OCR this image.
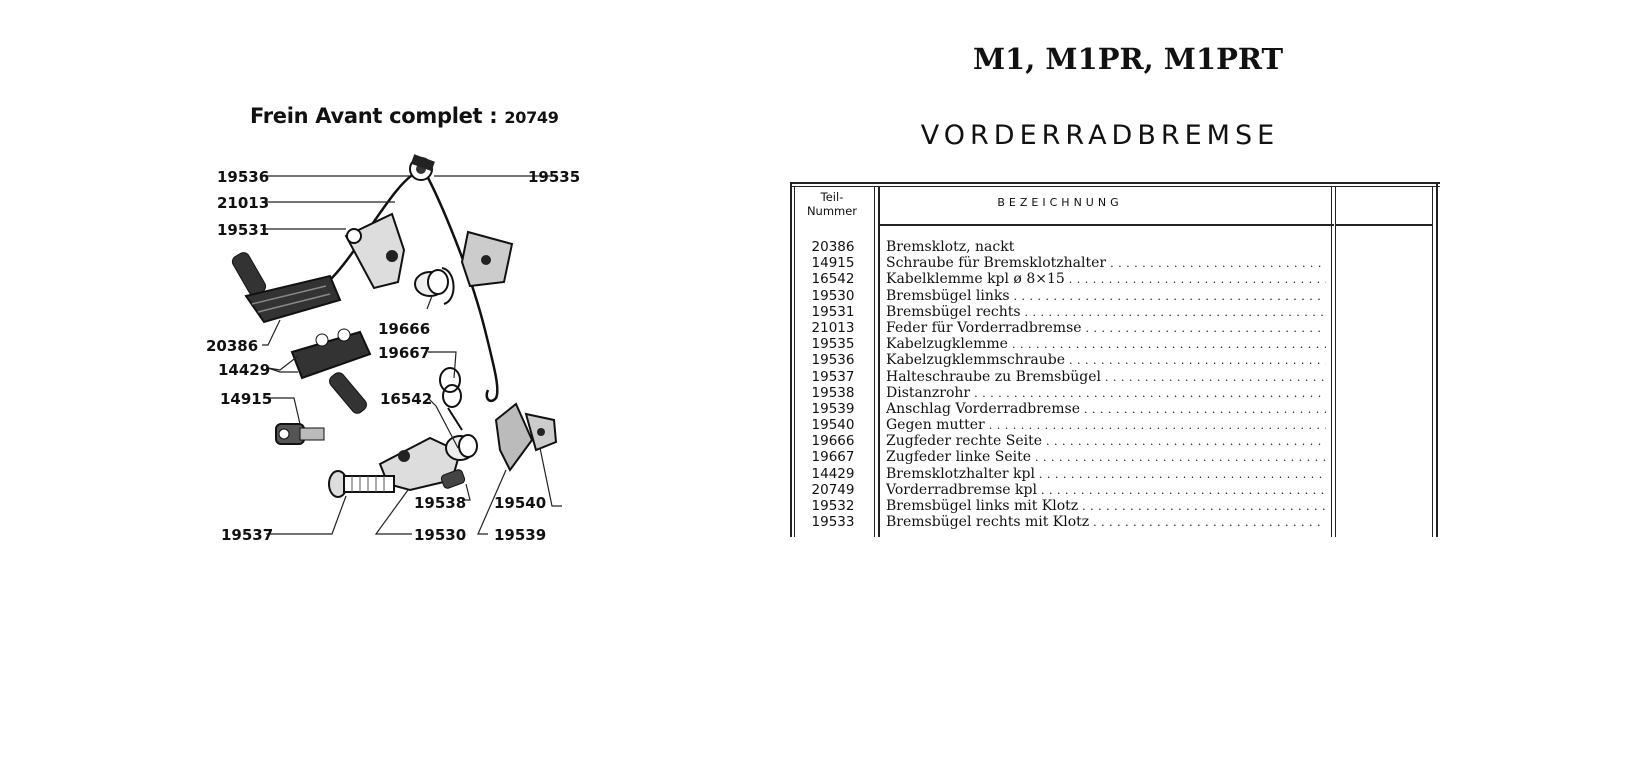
Frein Avant complet : 20749
19536
21013
19531
20386
14429
14915
19537
19535
19666
19667
16542
19538
19530
19540
19539
M1, M1PR, M1PRT
VORDERRADBREMSE
Teil-
Nummer
BEZEICHNUNG
20386	Bremsklotz, nackt
14915	Schraube für Bremsklotzhalter . . .
16542	Kabelklemme kpl ø 8×15 . . .
19530	Bremsbügel links . . .
19531	Bremsbügel rechts . . .
21013	Feder für Vorderradbremse . . .
19535	Kabelzugklemme . . .
19536	Kabelzugklemmschraube . . .
19537	Halteschraube zu Bremsbügel . . .
19538	Distanzrohr . . .
19539	Anschlag Vorderradbremse . . .
19540	Gegen mutter . . .
19666	Zugfeder rechte Seite . . .
19667	Zugfeder linke Seite . . .
14429	Bremsklotzhalter kpl . . .
20749	Vorderradbremse kpl . . .
19532	Bremsbügel links mit Klotz . . .
19533	Bremsbügel rechts mit Klotz . . .
